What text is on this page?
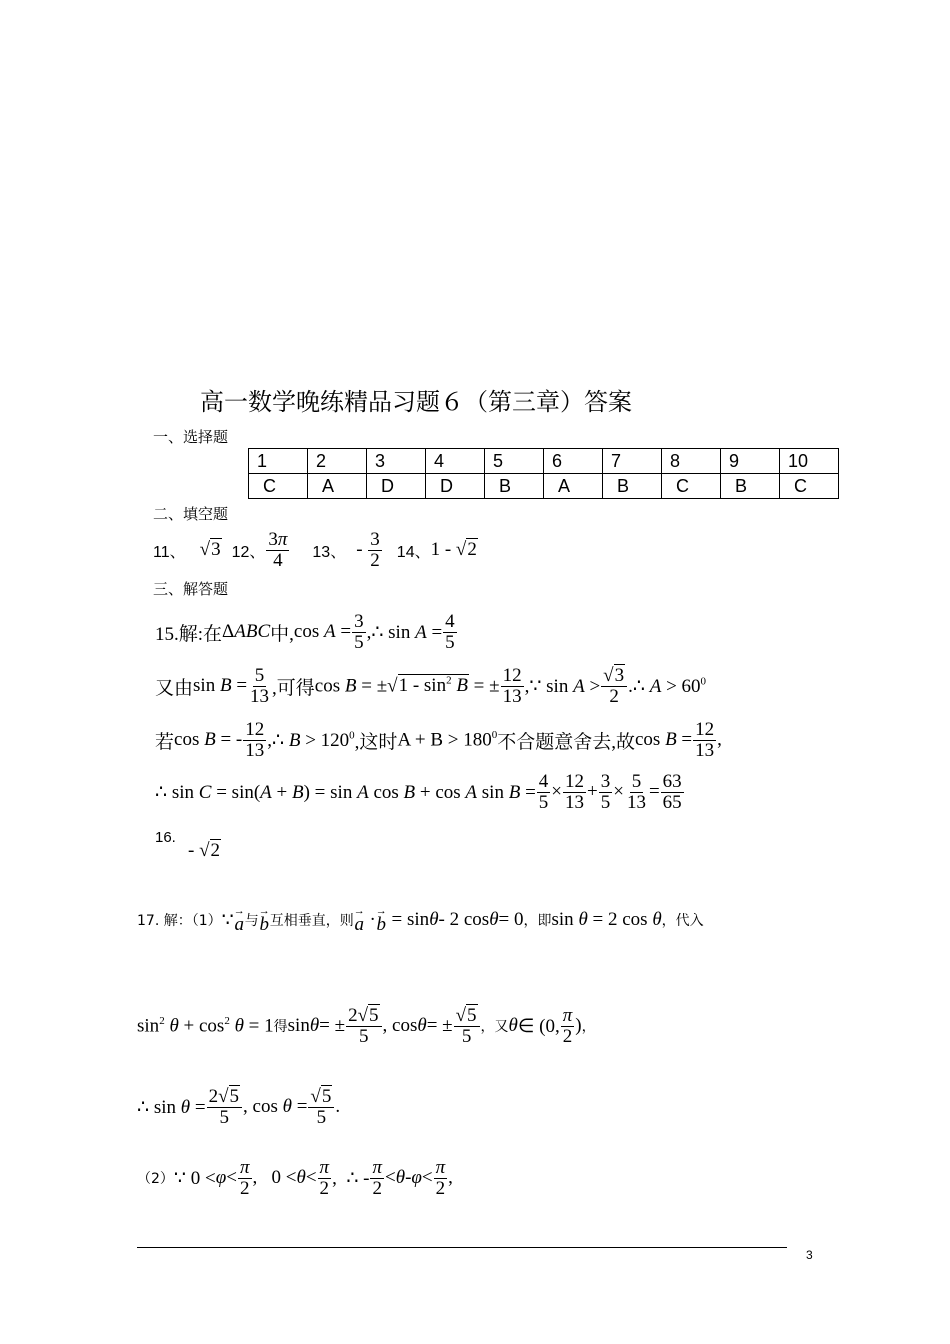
高一数学晚练精品习题６（第三章）答案
一、选择题
1	2	3	4	5	6	7	8	9	10
C	A	D	D	B	A	B	C	B	C
二、填空题
11、 √3 12、 $\frac{3\pi}{4} 13$、 - $\frac{3}{2} 14$、 1 - √2
三、解答题
15.解:在 ΔABC 中, $\cos A = \frac{3}{5}$ ,∴ $\sin A = \frac{4}{5}$
又由 $\sin B = \frac{5}{13}$ ,可得 $\cos B = \pm√1 - \sin^2 B$ = ± $\frac{12}{13}$ ,∵ $\sin A > \frac{√3}{2}$ .∴ $A > 60^0$
若 cos B = - $\frac{12}{13}$ ,∴ $B > 120^0$ ,这时 $A + B > 180^0$ 不合题意舍去,故 $\cos B = \frac{12}{13}$ ,
∴ sin C = sin(A + B) = sin A cos B + cos A $\sin B = \frac{4}{5} \times \frac{12}{13} + \frac{3}{5} \times \frac{5}{13} = \frac{63}{65}$
16.
- √2
17. 解：（1） ∵ →
a 与
→
b 互相垂直，则
→
a · →
b = sin θ - 2 cos θ = 0 ，即 sin θ = 2 cos θ ，代入
$\sin^2 \theta + \cos^2 \theta = 1$ 得 sin θ = ± $\frac{2√5}{5}$ , cos θ = ± $\frac{√5}{5}$ ，又 θ ∈ (0, $\frac{\pi}{2}$ ) ，
∴ $\sin \theta = \frac{2√5}{5}$ , $\cos \theta = \frac{√5}{5}$ .
（2） ∵ $0 < \varphi < \frac{\pi}{2}$ ,   $0 < \theta < \frac{\pi}{2}$ ,  ∴ - $\frac{\pi}{2} < \theta - \varphi < \frac{\pi}{2}$ ,
3
